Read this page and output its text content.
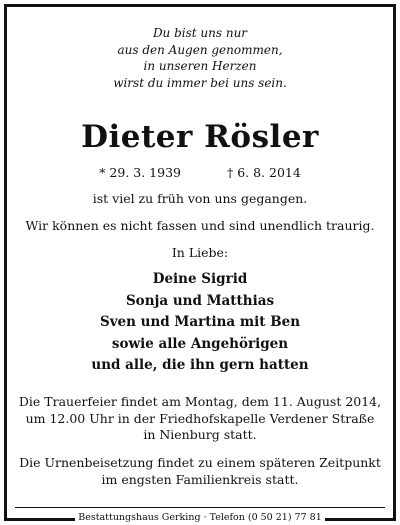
Du bist uns nur
aus den Augen genommen,
in unseren Herzen
wirst du immer bei uns sein.
Dieter Rösler
* 29. 3. 1939	† 6. 8. 2014
ist viel zu früh von uns gegangen.
Wir können es nicht fassen und sind unendlich traurig.
In Liebe:
Deine Sigrid
Sonja und Matthias
Sven und Martina mit Ben
sowie alle Angehörigen
und alle, die ihn gern hatten
Die Trauerfeier findet am Montag, dem 11. August 2014,
um 12.00 Uhr in der Friedhofskapelle Verdener Straße
in Nienburg statt.
Die Urnenbeisetzung findet zu einem späteren Zeitpunkt
im engsten Familienkreis statt.
Bestattungshaus Gerking · Telefon (0 50 21) 77 81
